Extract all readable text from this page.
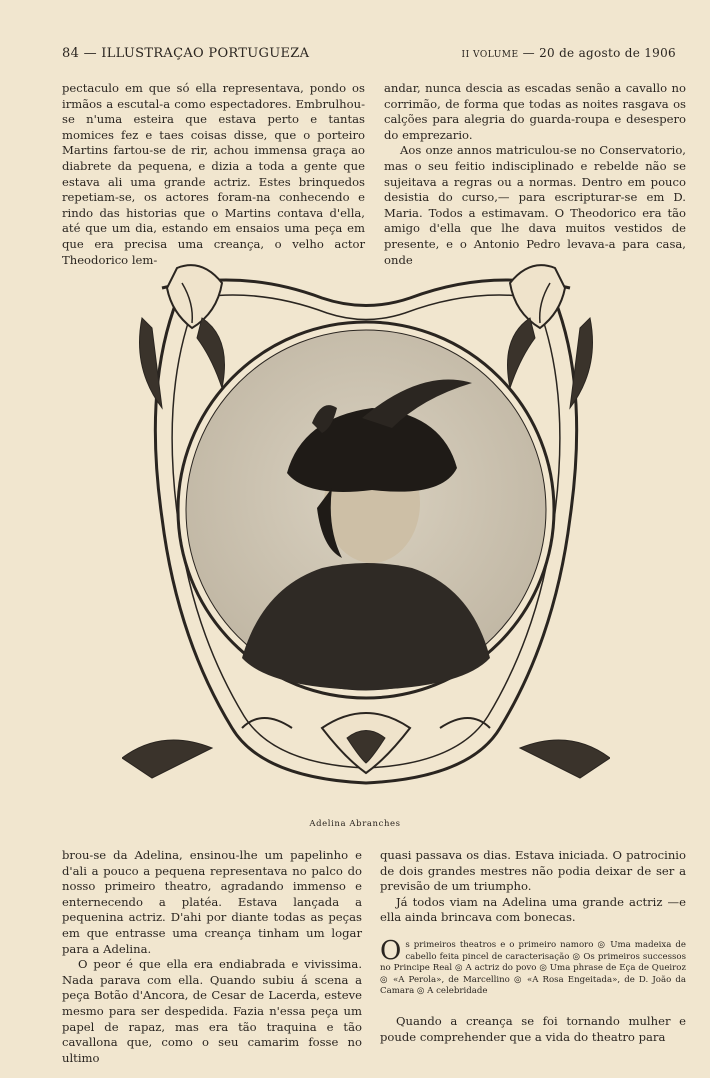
84 — ILLUSTRAÇAO PORTUGUEZA	II VOLUME — 20 de agosto de 1906

pectaculo em que só ella representava, pondo os irmãos a escutal-a como espectadores. Embrulhou-se n'uma esteira que estava perto e tantas momices fez e taes coisas disse, que o porteiro Martins fartou-se de rir, achou immensa graça ao diabrete da pequena, e dizia a toda a gente que estava ali uma grande actriz. Estes brinquedos repetiam-se, os actores foram-na conhecendo e rindo das historias que o Martins contava d'ella, até que um dia, estando em ensaios uma peça em que era precisa uma creança, o velho actor Theodorico lem-

andar, nunca descia as escadas senão a cavallo no corrimão, de forma que todas as noites rasgava os calções para alegria do guarda-roupa e desespero do emprezario.

Aos onze annos matriculou-se no Conservatorio, mas o seu feitio indisciplinado e rebelde não se sujeitava a regras ou a normas. Dentro em pouco desistia do curso,— para escripturar-se em D. Maria. Todos a estimavam. O Theodorico era tão amigo d'ella que lhe dava muitos vestidos de presente, e o Antonio Pedro levava-a para casa, onde

Adelina Abranches

brou-se da Adelina, ensinou-lhe um papelinho e d'ali a pouco a pequena representava no palco do nosso primeiro theatro, agradando immenso e enternecendo a platéa. Estava lançada a pequenina actriz. D'ahi por diante todas as peças em que entrasse uma creança tinham um logar para a Adelina.

O peor é que ella era endiabrada e vivissima. Nada parava com ella. Quando subiu á scena a peça Botão d'Ancora, de Cesar de Lacerda, esteve mesmo para ser despedida. Fazia n'essa peça um papel de rapaz, mas era tão traquina e tão cavallona que, como o seu camarim fosse no ultimo

quasi passava os dias. Estava iniciada. O patrocinio de dois grandes mestres não podia deixar de ser a previsão de um triumpho.

Já todos viam na Adelina uma grande actriz —e ella ainda brincava com bonecas.

Os primeiros theatros e o primeiro namoro ◎ Uma madeixa de cabello feita pincel de caracterisação ◎ Os primeiros successos no Principe Real ◎ A actriz do povo ◎ Uma phrase de Eça de Queiroz ◎ «A Perola», de Marcellino ◎ «A Rosa Engeitada», de D. João da Camara ◎ A celebridade

Quando a creança se foi tornando mulher e poude comprehender que a vida do theatro para
